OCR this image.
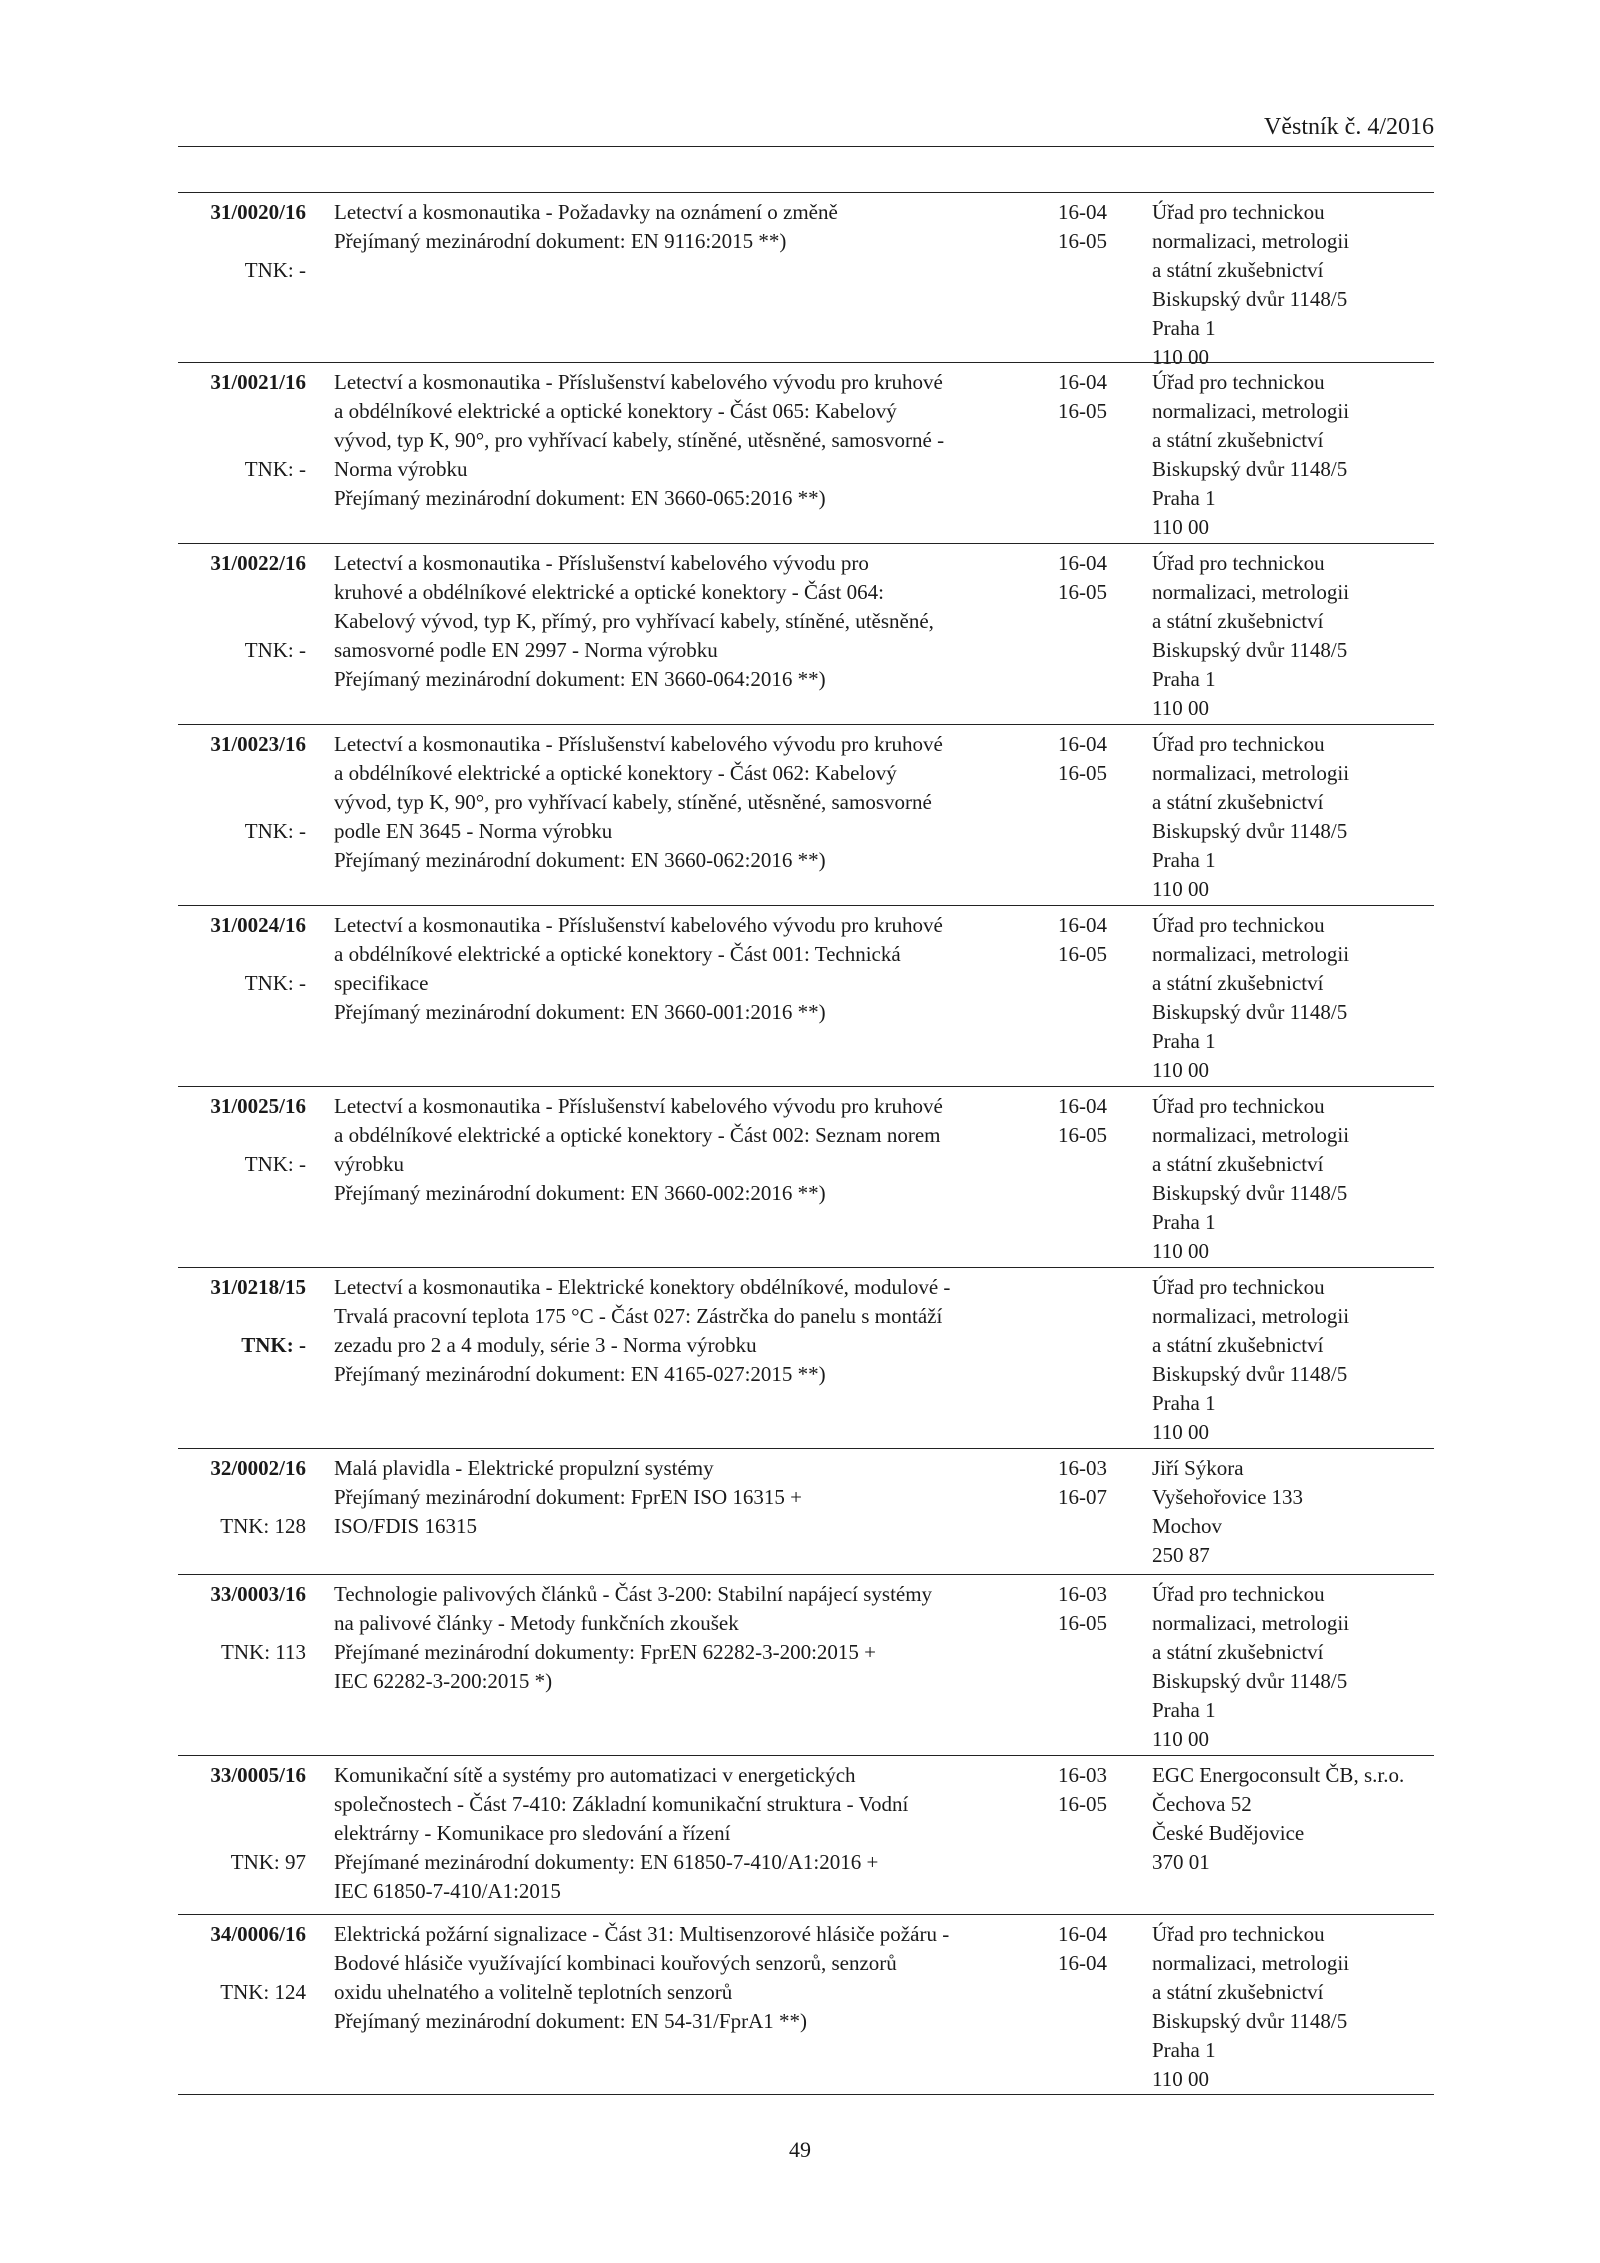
Věstník č. 4/2016
31/0020/16
TNK: -
Letectví a kosmonautika - Požadavky na oznámení o změně
Přejímaný mezinárodní dokument: EN 9116:2015 **)
16-04
16-05
Úřad pro technickou
normalizaci, metrologii
a státní zkušebnictví
Biskupský dvůr 1148/5
Praha 1
110 00
31/0021/16
TNK: -
Letectví a kosmonautika - Příslušenství kabelového vývodu pro kruhové
a obdélníkové elektrické a optické konektory - Část 065: Kabelový
vývod, typ K, 90°, pro vyhřívací kabely, stíněné, utěsněné, samosvorné -
Norma výrobku
Přejímaný mezinárodní dokument: EN 3660-065:2016 **)
16-04
16-05
Úřad pro technickou
normalizaci, metrologii
a státní zkušebnictví
Biskupský dvůr 1148/5
Praha 1
110 00
31/0022/16
TNK: -
Letectví a kosmonautika - Příslušenství kabelového vývodu pro
kruhové a obdélníkové elektrické a optické konektory - Část 064:
Kabelový vývod, typ K, přímý, pro vyhřívací kabely, stíněné, utěsněné,
samosvorné podle EN 2997 - Norma výrobku
Přejímaný mezinárodní dokument: EN 3660-064:2016 **)
16-04
16-05
Úřad pro technickou
normalizaci, metrologii
a státní zkušebnictví
Biskupský dvůr 1148/5
Praha 1
110 00
31/0023/16
TNK: -
Letectví a kosmonautika - Příslušenství kabelového vývodu pro kruhové
a obdélníkové elektrické a optické konektory - Část 062: Kabelový
vývod, typ K, 90°, pro vyhřívací kabely, stíněné, utěsněné, samosvorné
podle EN 3645 - Norma výrobku
Přejímaný mezinárodní dokument: EN 3660-062:2016 **)
16-04
16-05
Úřad pro technickou
normalizaci, metrologii
a státní zkušebnictví
Biskupský dvůr 1148/5
Praha 1
110 00
31/0024/16
TNK: -
Letectví a kosmonautika - Příslušenství kabelového vývodu pro kruhové
a obdélníkové elektrické a optické konektory - Část 001: Technická
specifikace
Přejímaný mezinárodní dokument: EN 3660-001:2016 **)
16-04
16-05
Úřad pro technickou
normalizaci, metrologii
a státní zkušebnictví
Biskupský dvůr 1148/5
Praha 1
110 00
31/0025/16
TNK: -
Letectví a kosmonautika - Příslušenství kabelového vývodu pro kruhové
a obdélníkové elektrické a optické konektory - Část 002: Seznam norem
výrobku
Přejímaný mezinárodní dokument: EN 3660-002:2016 **)
16-04
16-05
Úřad pro technickou
normalizaci, metrologii
a státní zkušebnictví
Biskupský dvůr 1148/5
Praha 1
110 00
31/0218/15
TNK: -
Letectví a kosmonautika - Elektrické konektory obdélníkové, modulové -
Trvalá pracovní teplota 175 °C - Část 027: Zástrčka do panelu s montáží
zezadu pro 2 a 4 moduly, série 3 - Norma výrobku
Přejímaný mezinárodní dokument: EN 4165-027:2015 **)
Úřad pro technickou
normalizaci, metrologii
a státní zkušebnictví
Biskupský dvůr 1148/5
Praha 1
110 00
32/0002/16
TNK: 128
Malá plavidla - Elektrické propulzní systémy
Přejímaný mezinárodní dokument: FprEN ISO 16315 +
ISO/FDIS 16315
16-03
16-07
Jiří Sýkora
Vyšehořovice 133
Mochov
250 87
33/0003/16
TNK: 113
Technologie palivových článků - Část 3-200: Stabilní napájecí systémy
na palivové články - Metody funkčních zkoušek
Přejímané mezinárodní dokumenty: FprEN 62282-3-200:2015 +
IEC 62282-3-200:2015 *)
16-03
16-05
Úřad pro technickou
normalizaci, metrologii
a státní zkušebnictví
Biskupský dvůr 1148/5
Praha 1
110 00
33/0005/16
TNK: 97
Komunikační sítě a systémy pro automatizaci v energetických
společnostech - Část 7-410: Základní komunikační struktura - Vodní
elektrárny - Komunikace pro sledování a řízení
Přejímané mezinárodní dokumenty: EN 61850-7-410/A1:2016 +
IEC 61850-7-410/A1:2015
16-03
16-05
EGC Energoconsult ČB, s.r.o.
Čechova 52
České Budějovice
370 01
34/0006/16
TNK: 124
Elektrická požární signalizace - Část 31: Multisenzorové hlásiče požáru -
Bodové hlásiče využívající kombinaci kouřových senzorů, senzorů
oxidu uhelnatého a volitelně teplotních senzorů
Přejímaný mezinárodní dokument: EN 54-31/FprA1 **)
16-04
16-04
Úřad pro technickou
normalizaci, metrologii
a státní zkušebnictví
Biskupský dvůr 1148/5
Praha 1
110 00
49
